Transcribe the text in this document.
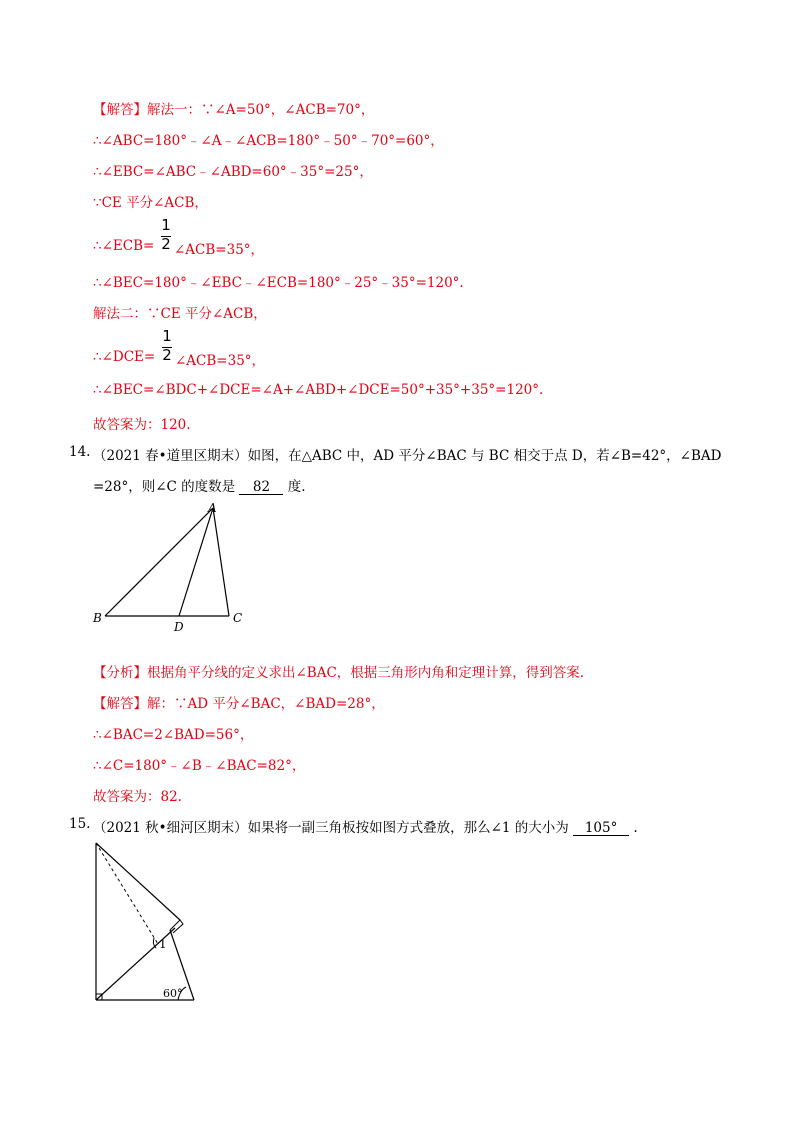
【解答】解法一：∵∠A=50°，∠ACB=70°，
∴∠ABC=180°﹣∠A﹣∠ACB=180°﹣50°﹣70°=60°，
∴∠EBC=∠ABC﹣∠ABD=60°﹣35°=25°，
∵CE 平分∠ACB，
∴∠ECB=
1
2 ∠ACB=35°，
∴∠BEC=180°﹣∠EBC﹣∠ECB=180°﹣25°﹣35°=120°.
解法二：∵CE 平分∠ACB，
∴∠DCE=
1
2 ∠ACB=35°，
∴∠BEC=∠BDC+∠DCE=∠A+∠ABD+∠DCE=50°+35°+35°=120°.
故答案为：120.
14. （2021 春•道里区期末）如图，在△ABC 中，AD 平分∠BAC 与 BC 相交于点 D，若∠B=42°，∠BAD
=28°，则∠C 的度数是 82 度.
A
B	C
D
【分析】根据角平分线的定义求出∠BAC，根据三角形内角和定理计算，得到答案.
【解答】解：∵AD 平分∠BAC，∠BAD=28°，
∴∠BAC=2∠BAD=56°，
∴∠C=180°﹣∠B﹣∠BAC=82°，
故答案为：82.
15. （2021 秋•细河区期末）如果将一副三角板按如图方式叠放，那么∠1 的大小为 105° .
1
60°
